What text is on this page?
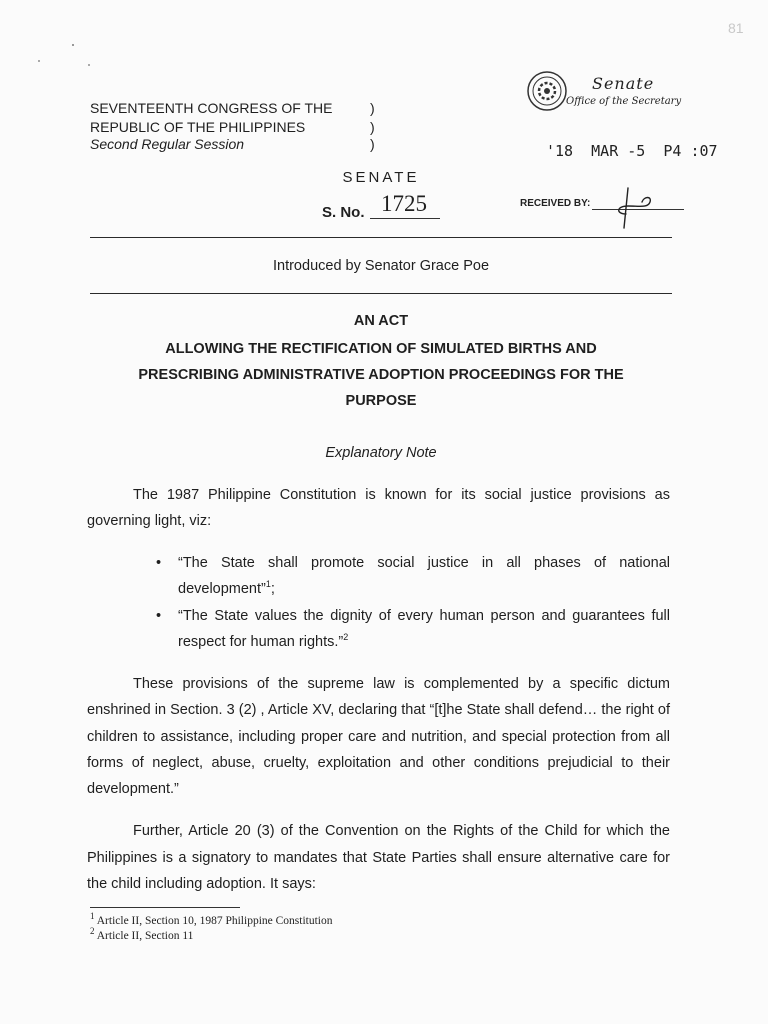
81
SEVENTEENTH CONGRESS OF THE
REPUBLIC OF THE PHILIPPINES
Second Regular Session
)
)
)
Senate
Office of the Secretary
'18  MAR -5  P4 :07
RECEIVED BY:
SENATE
S. No. 1725
Introduced by Senator Grace Poe
AN ACT
ALLOWING THE RECTIFICATION OF SIMULATED BIRTHS AND
PRESCRIBING ADMINISTRATIVE ADOPTION PROCEEDINGS FOR THE
PURPOSE
Explanatory Note
The 1987 Philippine Constitution is known for its social justice provisions as governing light, viz:
• “The State shall promote social justice in all phases of national development”$^1$;
• “The State values the dignity of every human person and guarantees full respect for human rights.”$^2$
These provisions of the supreme law is complemented by a specific dictum enshrined in Section. 3 (2) , Article XV, declaring that “[t]he State shall defend… the right of children to assistance, including proper care and nutrition, and special protection from all forms of neglect, abuse, cruelty, exploitation and other conditions prejudicial to their development.”
Further, Article 20 (3) of the Convention on the Rights of the Child for which the Philippines is a signatory to mandates that State Parties shall ensure alternative care for the child including adoption. It says:
$^1$ Article II, Section 10, 1987 Philippine Constitution
$^2$ Article II, Section 11
